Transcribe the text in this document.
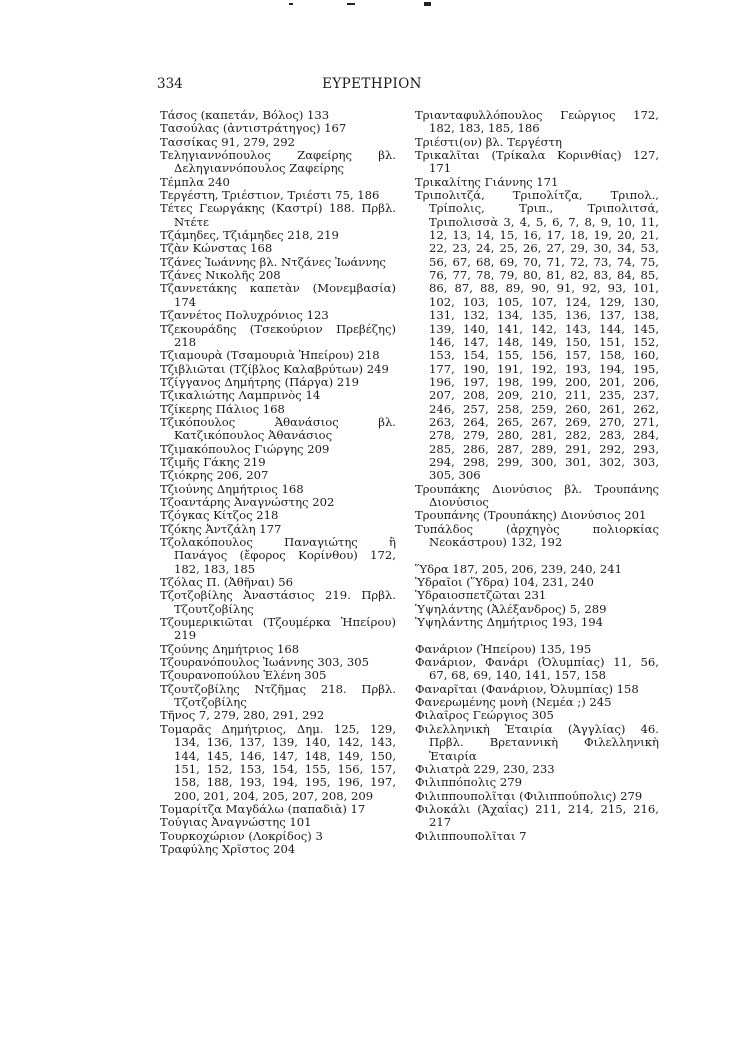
334	ΕΥΡΕΤΗΡΙΟΝ
Τάσος (καπετάν, Βόλος) 133
Τασούλας (ἀντιστράτηγος) 167
Τασσίκας 91, 279, 292
Τεληγιαννόπουλος Ζαφείρης βλ. Δεληγιαννόπουλος Ζαφείρης
Τέμπλα 240
Τεργέστη, Τριέστιον, Τριέστι 75, 186
Τέτες Γεωργάκης (Καστρί) 188. Πρβλ. Ντέτε
Τζάμηδες, Τζιάμηδες 218, 219
Τζὰν Κώνστας 168
Τζάνες Ἰωάννης βλ. Ντζάνες Ἰωάννης
Τζάνες Νικολῆς 208
Τζαννετάκης καπετὰν (Μονεμβασία) 174
Τζαννέτος Πολυχρόνιος 123
Τζεκουράδης (Τσεκούριον Πρεβέζης) 218
Τζιαμουρὰ (Τσαμουριὰ Ἠπείρου) 218
Τζιβλιῶται (Τζίβλος Καλαβρύτων) 249
Τζίγγανος Δημήτρης (Πάργα) 219
Τζικαλιώτης Λαμπρινὸς 14
Τζίκερης Πάλιος 168
Τζικόπουλος Ἀθανάσιος βλ. Κατζικόπουλος Ἀθανάσιος
Τζιμακόπουλος Γιώργης 209
Τζιμῆς Γάκης 219
Τζιόκρης 206, 207
Τζιούνης Δημήτριος 168
Τζοαντάρης Ἀναγνώστης 202
Τζόγκας Κίτζος 218
Τζόκης Ἀντζάλη 177
Τζολακόπουλος Παναγιώτης ἢ Πανάγος (ἔφορος Κορίνθου) 172, 182, 183, 185
Τζόλας Π. (Ἀθῆναι) 56
Τζοτζοβίλης Ἀναστάσιος 219. Πρβλ. Τζουτζοβίλης
Τζουμερικιῶται (Τζουμέρκα Ἠπείρου) 219
Τζούνης Δημήτριος 168
Τζουρανόπουλος Ἰωάννης 303, 305
Τζουρανοπούλου Ἑλένη 305
Τζουτζοβίλης Ντζῆμας 218. Πρβλ. Τζοτζοβίλης
Τῆνος 7, 279, 280, 291, 292
Τομαρᾶς Δημήτριος, Δημ. 125, 129, 134, 136, 137, 139, 140, 142, 143, 144, 145, 146, 147, 148, 149, 150, 151, 152, 153, 154, 155, 156, 157, 158, 188, 193, 194, 195, 196, 197, 200, 201, 204, 205, 207, 208, 209
Τομαρίτζα Μαγδάλω (παπαδιὰ) 17
Τούγιας Ἀναγνώστης 101
Τουρκοχώριον (Λοκρίδος) 3
Τραφύλης Χρῖστος 204
Τριανταφυλλόπουλος Γεώργιος 172, 182, 183, 185, 186
Τριέστι(ον) βλ. Τεργέστη
Τρικαλῖται (Τρίκαλα Κορινθίας) 127, 171
Τρικαλίτης Γιάννης 171
Τριπολιτζά, Τριπολίτζα, Τριπολ., Τρίπολις, Τριπ., Τριπολιτσά, Τριπολισσὰ 3, 4, 5, 6, 7, 8, 9, 10, 11, 12, 13, 14, 15, 16, 17, 18, 19, 20, 21, 22, 23, 24, 25, 26, 27, 29, 30, 34, 53, 56, 67, 68, 69, 70, 71, 72, 73, 74, 75, 76, 77, 78, 79, 80, 81, 82, 83, 84, 85, 86, 87, 88, 89, 90, 91, 92, 93, 101, 102, 103, 105, 107, 124, 129, 130, 131, 132, 134, 135, 136, 137, 138, 139, 140, 141, 142, 143, 144, 145, 146, 147, 148, 149, 150, 151, 152, 153, 154, 155, 156, 157, 158, 160, 177, 190, 191, 192, 193, 194, 195, 196, 197, 198, 199, 200, 201, 206, 207, 208, 209, 210, 211, 235, 237, 246, 257, 258, 259, 260, 261, 262, 263, 264, 265, 267, 269, 270, 271, 278, 279, 280, 281, 282, 283, 284, 285, 286, 287, 289, 291, 292, 293, 294, 298, 299, 300, 301, 302, 303, 305, 306
Τρουπάκης Διονύσιος βλ. Τρουπάνης Διονύσιος
Τρουπάνης (Τρουπάκης) Διονύσιος 201
Τυπάλδος (ἀρχηγὸς πολιορκίας Νεοκάστρου) 132, 192
Ὕδρα 187, 205, 206, 239, 240, 241
Ὑδραῖοι (Ὕδρα) 104, 231, 240
Ὑδραιοσπετζῶται 231
Ὑψηλάντης (Ἀλέξανδρος) 5, 289
Ὑψηλάντης Δημήτριος 193, 194
Φανάριον (Ἠπείρου) 135, 195
Φανάριον, Φανάρι (Ὀλυμπίας) 11, 56, 67, 68, 69, 140, 141, 157, 158
Φαναρῖται (Φανάριον, Ὀλυμπίας) 158
Φανερωμένης μονὴ (Νεμέα ;) 245
Φιλαῖρος Γεώργιος 305
Φιλελληνικὴ Ἑταιρία (Ἀγγλίας) 46. Πρβλ. Βρεταννικὴ Φιλελληνικὴ Ἑταιρία
Φιλιατρὰ 229, 230, 233
Φιλιππόπολις 279
Φιλιππουπολῖται (Φιλιππούπολις) 279
Φιλοκάλι (Ἀχαΐας) 211, 214, 215, 216, 217
Φιλιππουπολῖται 7
